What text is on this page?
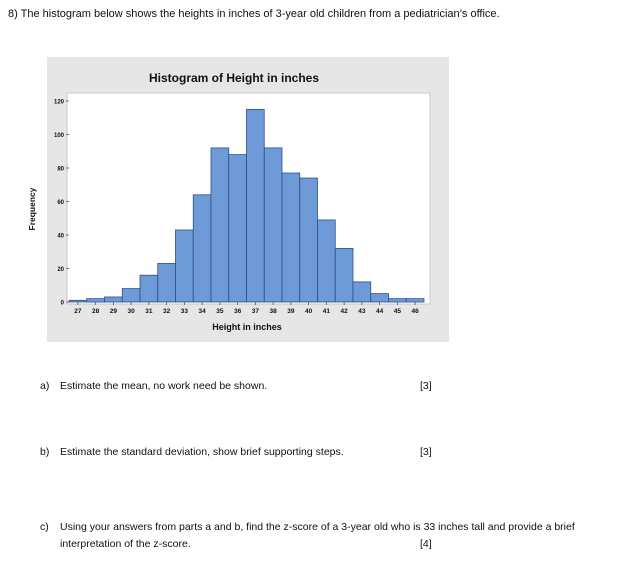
8) The histogram below shows the heights in inches of 3-year old children from a pediatrician’s office.
Histogram of Height in inches
0
20
40
60
80
100
120
27 28 29 30 31 32 33 34 35 36 37 38 39 40 41 42 43 44 45 46
Height in inches
Frequency
a) Estimate the mean, no work need be shown.	[3]
b) Estimate the standard deviation, show brief supporting steps.	[3]
c) Using your answers from parts a and b, find the z-score of a 3-year old who is 33 inches tall and provide a brief
interpretation of the z-score.	[4]
